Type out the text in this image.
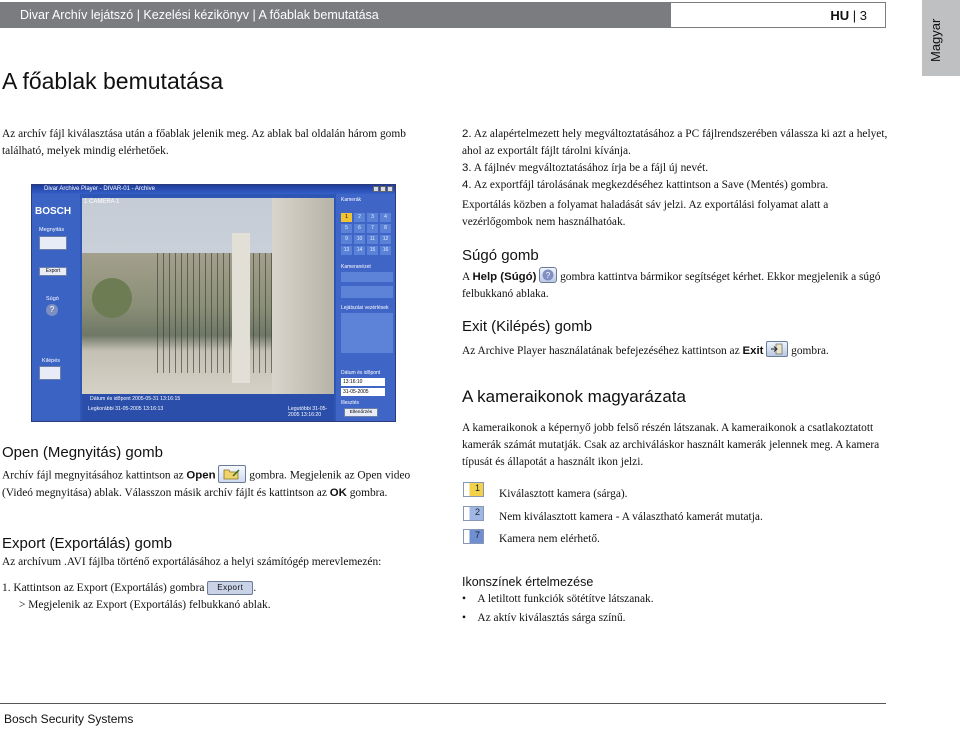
Divar Archív lejátszó | Kezelési kézikönyv | A főablak bemutatása	HU | 3
Magyar
A főablak bemutatása
Az archív fájl kiválasztása után a főablak jelenik meg. Az ablak bal oldalán három gomb található, melyek mindig elérhetőek.
Divar Archive Player - DIVAR-01 - Archive
BOSCH
Megnyitás
Export
Súgó
?
Kilépés
1 CAMERA 1
Dátum és időpont 2005-05-31 13:16:15
Legkorábbi 31-05-2005 13:16:13	Legutóbbi 31-05-2005 13:16:20
Kamerák
1	2	3	4
5	6	7	8
9	10	11	12
13	14	15	16
Kameranézet
Lejátszási vezérlések
Dátum és időpont
13:16:10
31-05-2005
Illesztés
Ellenőrzés
Open (Megnyitás) gomb
Archív fájl megnyitásához kattintson az Open	gombra. Megjelenik az Open video (Videó megnyitása) ablak. Válasszon másik archív fájlt és kattintson az OK gombra.
Export (Exportálás) gomb
Az archívum .AVI fájlba történő exportálásához a helyi számítógép merevlemezén:
1. Kattintson az Export (Exportálás) gombra Export .
> Megjelenik az Export (Exportálás) felbukkanó ablak.
2. Az alapértelmezett hely megváltoztatásához a PC fájlrendszerében válassza ki azt a helyet, ahol az exportált fájlt tárolni kívánja.
3. A fájlnév megváltoztatásához írja be a fájl új nevét.
4. Az exportfájl tárolásának megkezdéséhez kattintson a Save (Mentés) gombra.
Exportálás közben a folyamat haladását sáv jelzi. Az exportálási folyamat alatt a vezérlőgombok nem használhatóak.
Súgó gomb
A Help (Súgó) ? gombra kattintva bármikor segítséget kérhet. Ekkor megjelenik a súgó felbukkanó ablaka.
Exit (Kilépés) gomb
Az Archive Player használatának befejezéséhez kattintson az Exit  gombra.
A kameraikonok magyarázata
A kameraikonok a képernyő jobb felső részén látszanak. A kameraikonok a csatlakoztatott kamerák számát mutatják. Csak az archiváláskor használt kamerák jelennek meg. A kamera típusát és állapotát a használt ikon jelzi.
1 Kiválasztott kamera (sárga).
2 Nem kiválasztott kamera - A választható kamerát mutatja.
7 Kamera nem elérhető.
Ikonszínek értelmezése
•    A letiltott funkciók sötétítve látszanak.
•    Az aktív kiválasztás sárga színű.
Bosch Security Systems
